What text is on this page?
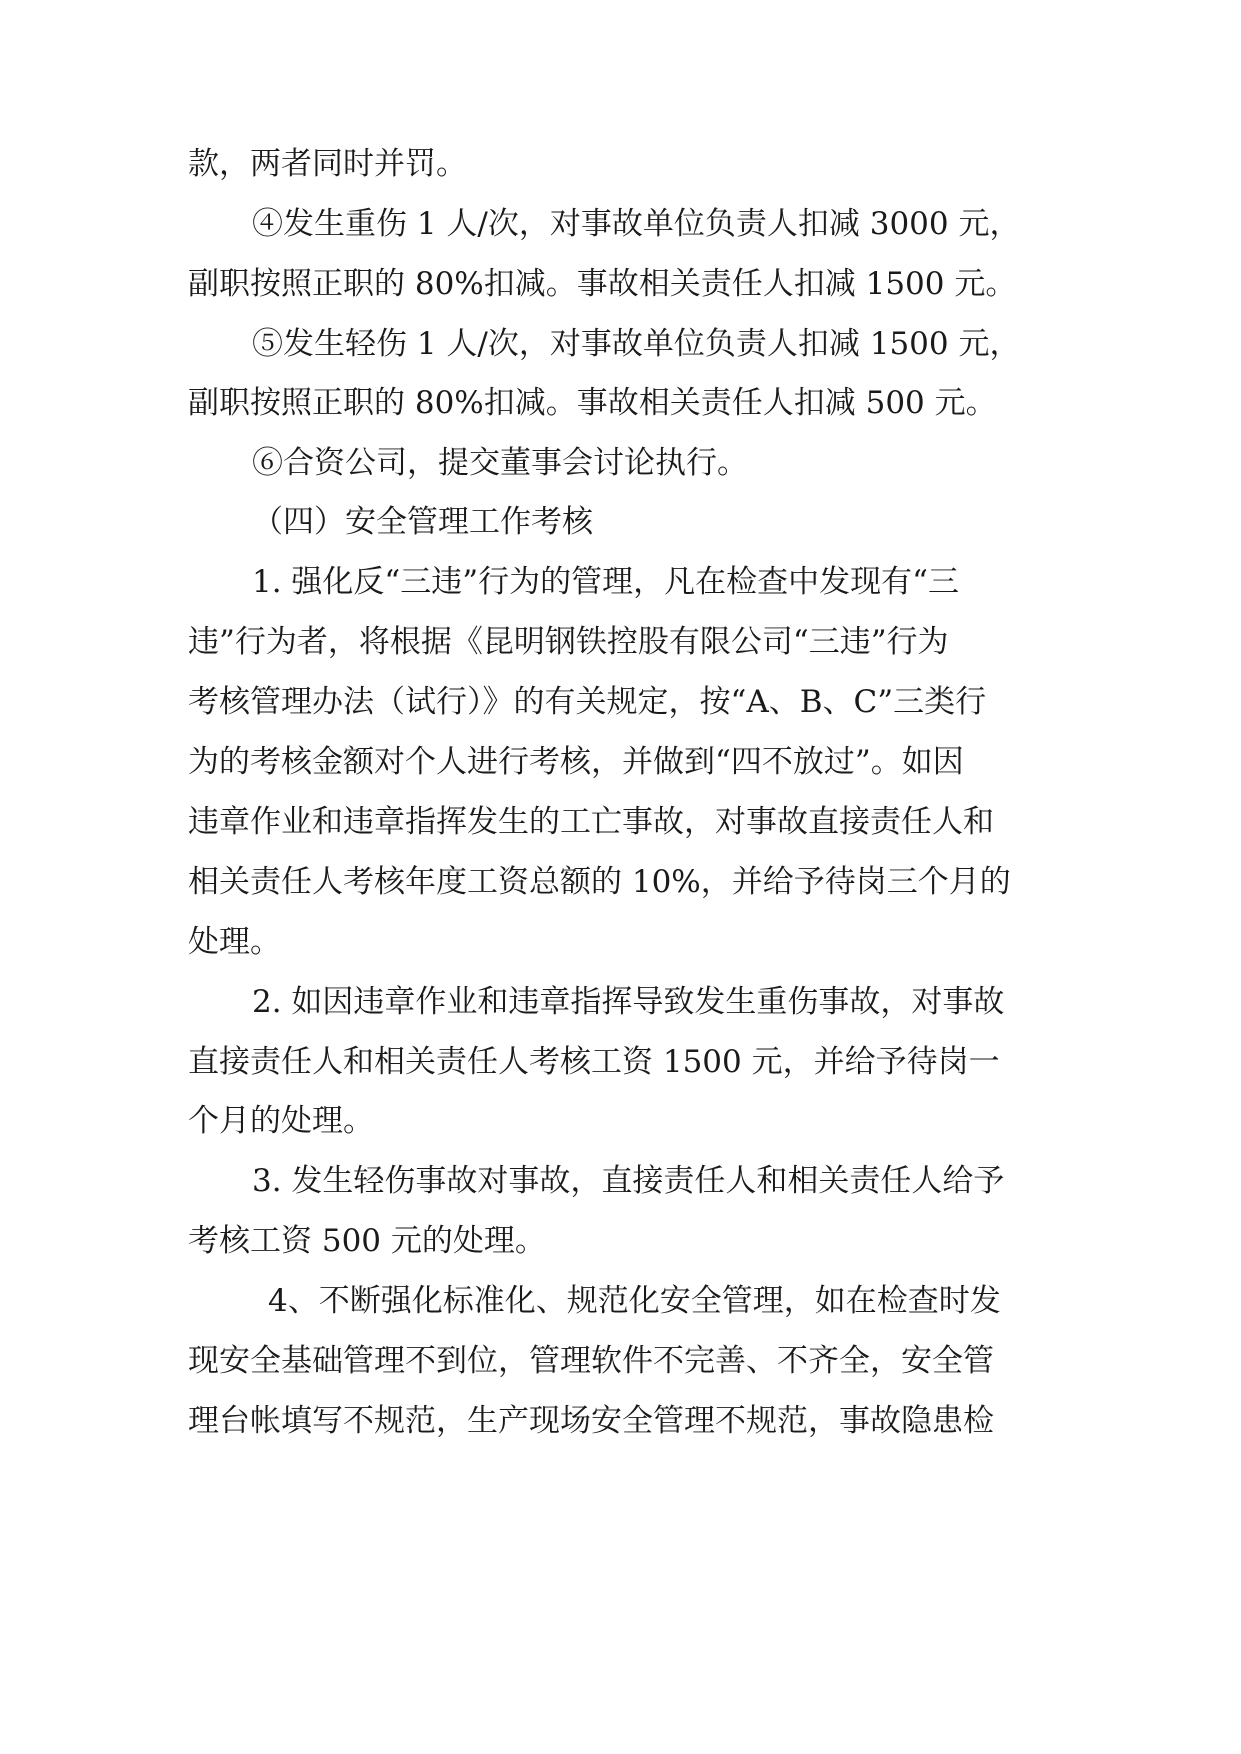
款，两者同时并罚。
④发生重伤 1 人/次，对事故单位负责人扣减 3000 元，
副职按照正职的 80%扣减。事故相关责任人扣减 1500 元。
⑤发生轻伤 1 人/次，对事故单位负责人扣减 1500 元，
副职按照正职的 80%扣减。事故相关责任人扣减 500 元。
⑥合资公司，提交董事会讨论执行。
（四）安全管理工作考核
1. 强化反“三违”行为的管理，凡在检查中发现有“三
违”行为者，将根据《昆明钢铁控股有限公司“三违”行为
考核管理办法（试行）》的有关规定，按“A、B、C”三类行
为的考核金额对个人进行考核，并做到“四不放过”。如因
违章作业和违章指挥发生的工亡事故，对事故直接责任人和
相关责任人考核年度工资总额的 10%，并给予待岗三个月的
处理。
2. 如因违章作业和违章指挥导致发生重伤事故，对事故
直接责任人和相关责任人考核工资 1500 元，并给予待岗一
个月的处理。
3. 发生轻伤事故对事故，直接责任人和相关责任人给予
考核工资 500 元的处理。
4、不断强化标准化、规范化安全管理，如在检查时发
现安全基础管理不到位，管理软件不完善、不齐全，安全管
理台帐填写不规范，生产现场安全管理不规范，事故隐患检
